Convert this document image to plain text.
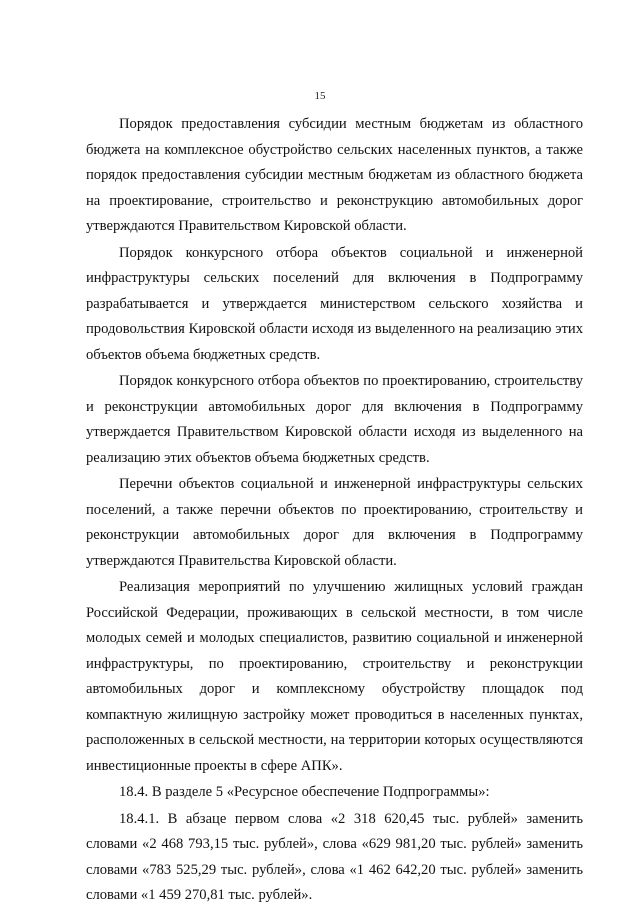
15

Порядок предоставления субсидии местным бюджетам из областного бюджета на комплексное обустройство сельских населенных пунктов, а также порядок предоставления субсидии местным бюджетам из областного бюджета на проектирование, строительство и реконструкцию автомобильных дорог утверждаются Правительством Кировской области.

Порядок конкурсного отбора объектов социальной и инженерной инфраструктуры сельских поселений для включения в Подпрограмму разрабатывается и утверждается министерством сельского хозяйства и продовольствия Кировской области исходя из выделенного на реализацию этих объектов объема бюджетных средств.

Порядок конкурсного отбора объектов по проектированию, строительству и реконструкции автомобильных дорог для включения в Подпрограмму утверждается Правительством Кировской области исходя из выделенного на реализацию этих объектов объема бюджетных средств.

Перечни объектов социальной и инженерной инфраструктуры сельских поселений, а также перечни объектов по проектированию, строительству и реконструкции автомобильных дорог для включения в Подпрограмму утверждаются Правительства Кировской области.

Реализация мероприятий по улучшению жилищных условий граждан Российской Федерации, проживающих в сельской местности, в том числе молодых семей и молодых специалистов, развитию социальной и инженерной инфраструктуры, по проектированию, строительству и реконструкции автомобильных дорог и комплексному обустройству площадок под компактную жилищную застройку может проводиться в населенных пунктах, расположенных в сельской местности, на территории которых осуществляются инвестиционные проекты в сфере АПК».

18.4. В разделе 5 «Ресурсное обеспечение Подпрограммы»:

18.4.1. В абзаце первом слова «2 318 620,45 тыс. рублей» заменить словами «2 468 793,15 тыс. рублей», слова «629 981,20 тыс. рублей» заменить словами «783 525,29 тыс. рублей», слова «1 462 642,20 тыс. рублей» заменить словами «1 459 270,81 тыс. рублей».
